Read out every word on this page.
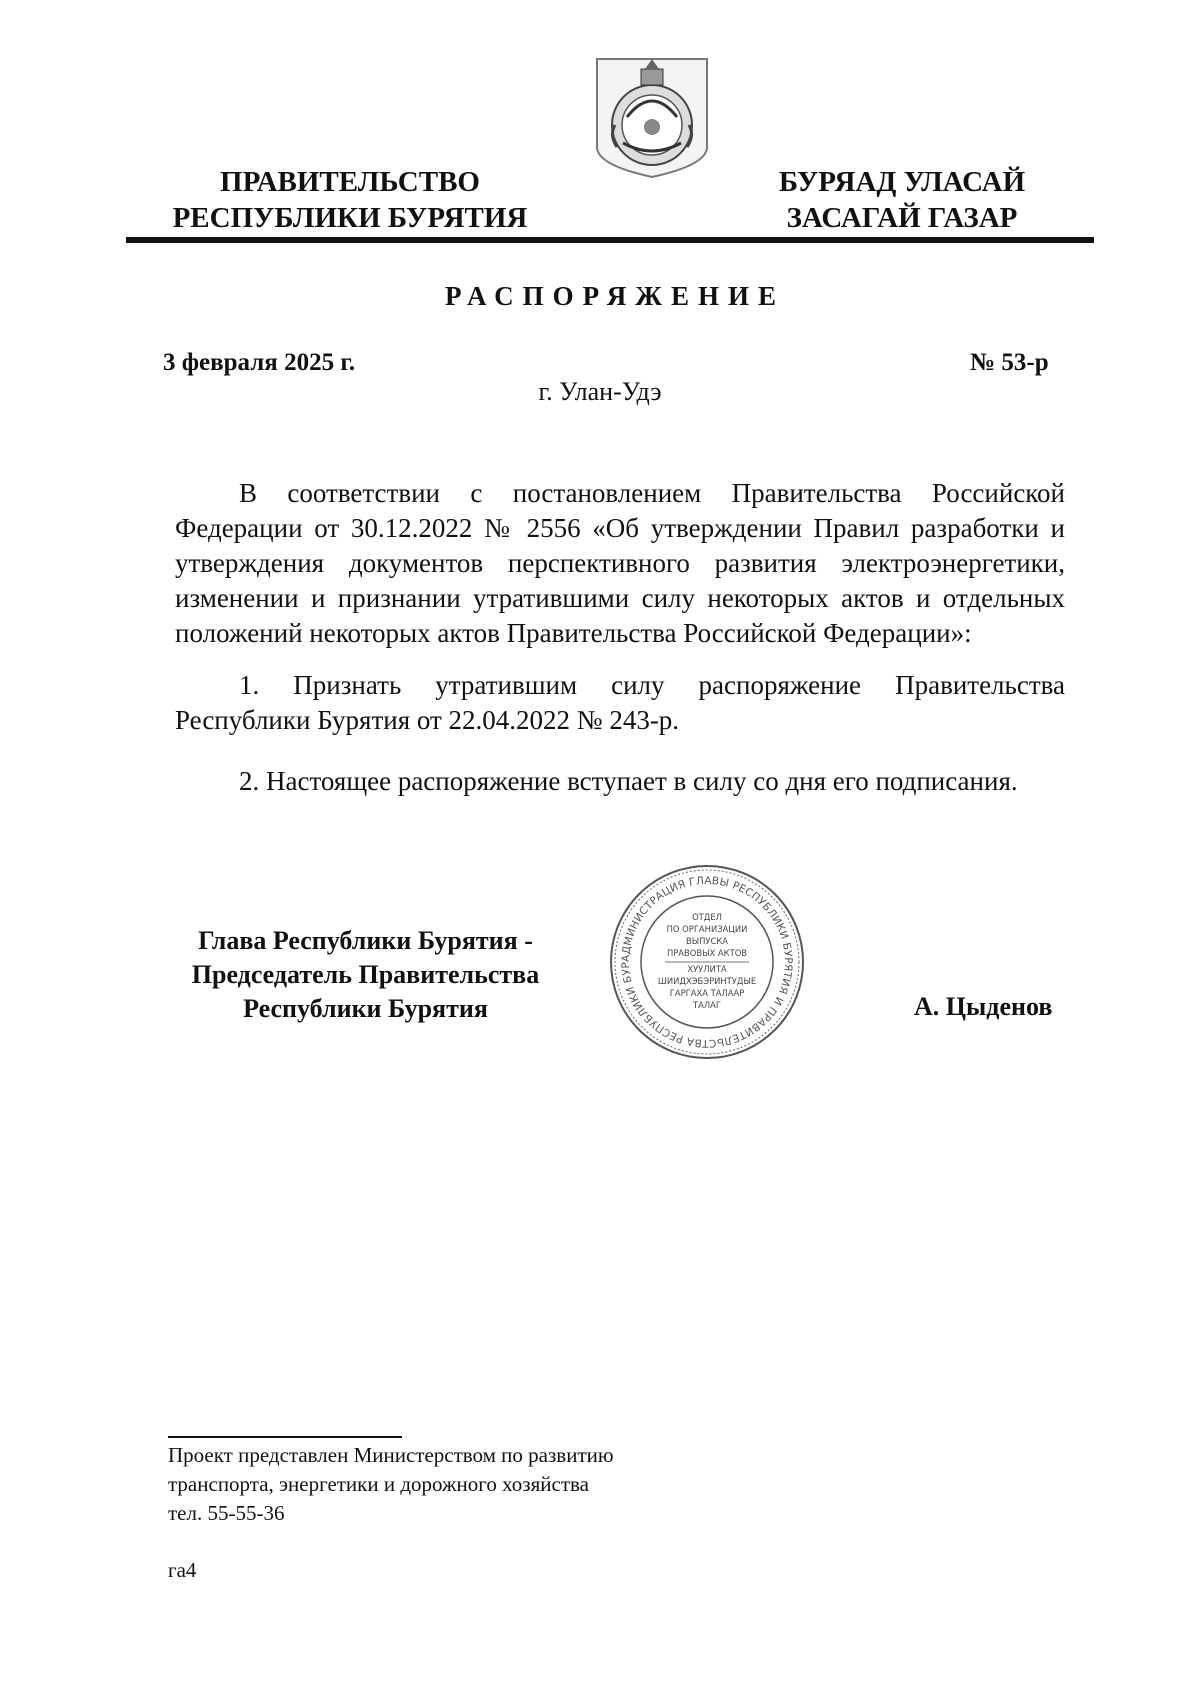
ПРАВИТЕЛЬСТВО
РЕСПУБЛИКИ БУРЯТИЯ
БУРЯАД УЛАСАЙ
ЗАСАГАЙ ГАЗАР
РАСПОРЯЖЕНИЕ
3 февраля 2025 г.	№ 53-р
г. Улан-Удэ
В соответствии с постановлением Правительства Российской Федерации от 30.12.2022 № 2556 «Об утверждении Правил разработки и утверждения документов перспективного развития электроэнергетики, изменении и признании утратившими силу некоторых актов и отдельных положений некоторых актов Правительства Российской Федерации»:
1. Признать утратившим силу распоряжение Правительства Республики Бурятия от 22.04.2022 № 243-р.
2. Настоящее распоряжение вступает в силу со дня его подписания.
Глава Республики Бурятия -
Председатель Правительства
Республики Бурятия
АДМИНИСТРАЦИЯ ГЛАВЫ РЕСПУБЛИКИ БУРЯТИЯ И ПРАВИТЕЛЬСТВА РЕСПУБЛИКИ БУР
ОТДЕЛ
ПО ОРГАНИЗАЦИИ
ВЫПУСКА
ПРАВОВЫХ АКТОВ
ХУУЛИТА
ШИИДХЭБЭРИНТУДЫЕ
ГАРГАХА ТАЛААР
ТАЛАГ	А. Цыденов
Проект представлен Министерством по развитию
транспорта, энергетики и дорожного хозяйства
тел. 55-55-36
га4
